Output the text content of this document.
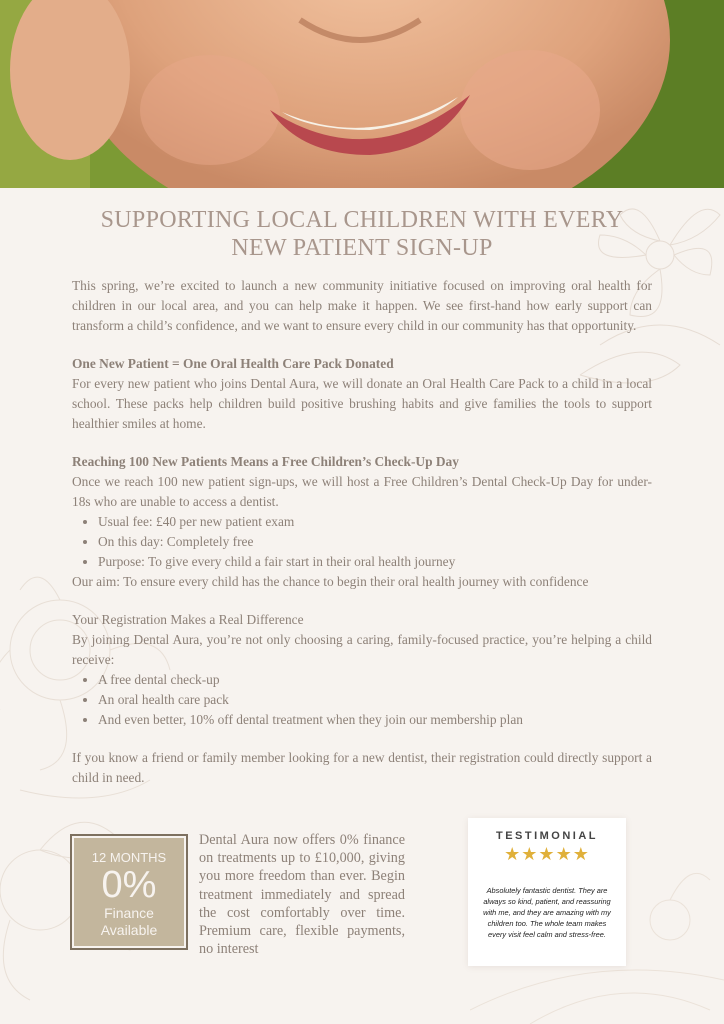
SUPPORTING LOCAL CHILDREN WITH EVERY
NEW PATIENT SIGN-UP

This spring, we’re excited to launch a new community initiative focused on improving oral health for children in our local area, and you can help make it happen. We see first-hand how early support can transform a child’s confidence, and we want to ensure every child in our community has that opportunity.

One New Patient = One Oral Health Care Pack Donated

For every new patient who joins Dental Aura, we will donate an Oral Health Care Pack to a child in a local school. These packs help children build positive brushing habits and give families the tools to support healthier smiles at home.

Reaching 100 New Patients Means a Free Children’s Check-Up Day

Once we reach 100 new patient sign-ups, we will host a Free Children’s Dental Check-Up Day for under-18s who are unable to access a dentist.

• Usual fee: £40 per new patient exam
• On this day: Completely free
• Purpose: To give every child a fair start in their oral health journey

Our aim: To ensure every child has the chance to begin their oral health journey with confidence

Your Registration Makes a Real Difference

By joining Dental Aura, you’re not only choosing a caring, family-focused practice, you’re helping a child receive:

• A free dental check-up
• An oral health care pack
• And even better, 10% off dental treatment when they join our membership plan

If you know a friend or family member looking for a new dentist, their registration could directly support a child in need.

12 MONTHS
0%
Finance
Available
Dental Aura now offers 0% finance on treatments up to £10,000, giving you more freedom than ever. Begin treatment immediately and spread the cost comfortably over time. Premium care, flexible payments, no interest
TESTIMONIAL
★★★★★
Absolutely fantastic dentist. They are always so kind, patient, and reassuring with me, and they are amazing with my children too. The whole team makes every visit feel calm and stress-free.
